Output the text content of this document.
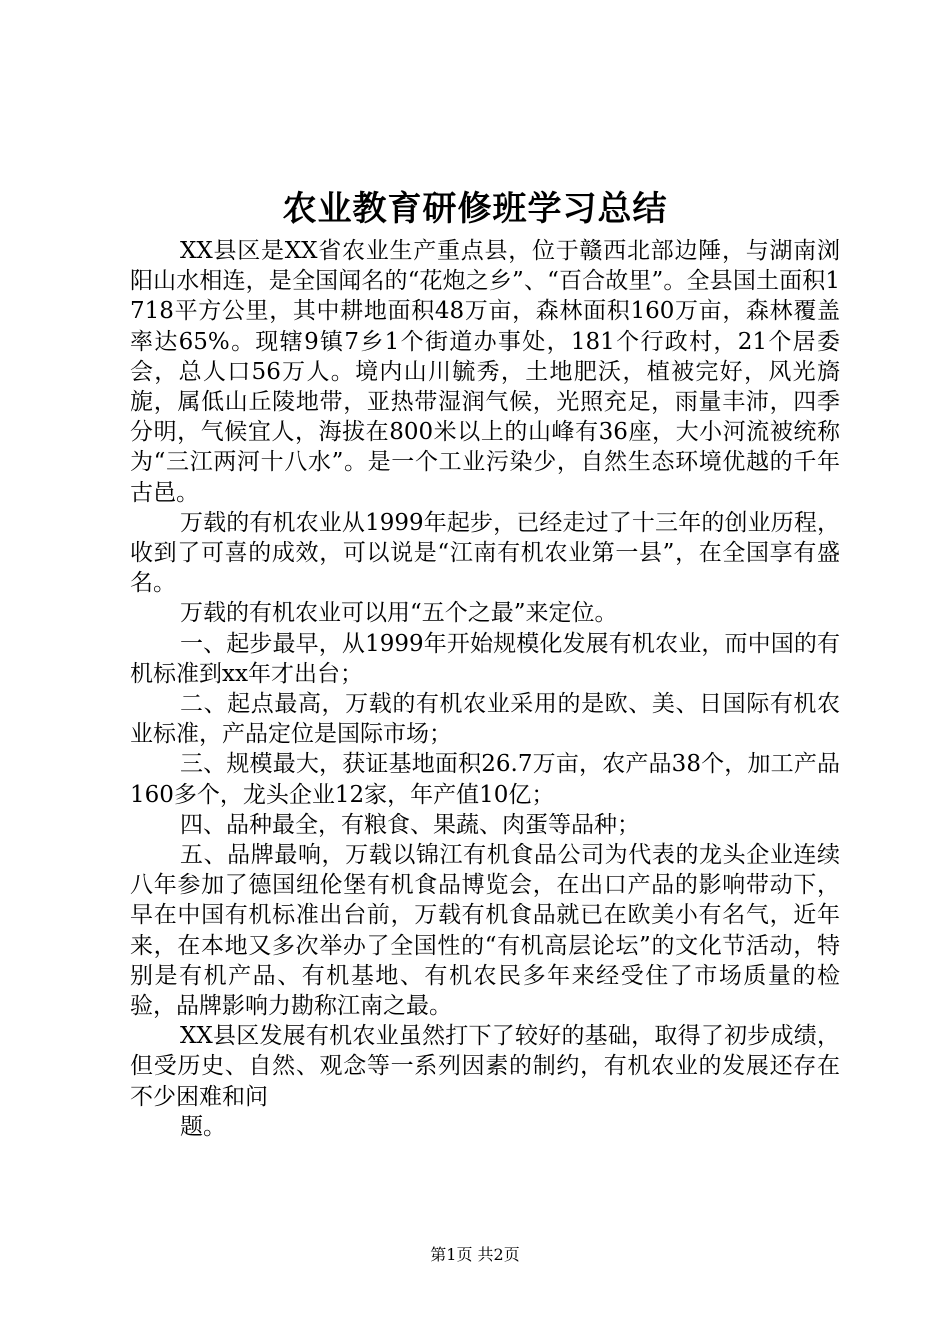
农业教育研修班学习总结

XX县区是XX省农业生产重点县，位于赣西北部边陲，与湖南浏阳山水相连，是全国闻名的“花炮之乡”、“百合故里”。全县国土面积1718平方公里，其中耕地面积48万亩，森林面积160万亩，森林覆盖率达65%。现辖9镇7乡1个街道办事处，181个行政村，21个居委会，总人口56万人。境内山川毓秀，土地肥沃，植被完好，风光旖旎，属低山丘陵地带，亚热带湿润气候，光照充足，雨量丰沛，四季分明，气候宜人，海拔在800米以上的山峰有36座，大小河流被统称为“三江两河十八水”。是一个工业污染少，自然生态环境优越的千年古邑。

万载的有机农业从1999年起步，已经走过了十三年的创业历程，收到了可喜的成效，可以说是“江南有机农业第一县”，在全国享有盛名。

万载的有机农业可以用“五个之最”来定位。

一、起步最早，从1999年开始规模化发展有机农业，而中国的有机标准到xx年才出台；

二、起点最高，万载的有机农业采用的是欧、美、日国际有机农业标准，产品定位是国际市场；

三、规模最大，获证基地面积26.7万亩，农产品38个，加工产品160多个，龙头企业12家，年产值10亿；

四、品种最全，有粮食、果蔬、肉蛋等品种；

五、品牌最响，万载以锦江有机食品公司为代表的龙头企业连续八年参加了德国纽伦堡有机食品博览会，在出口产品的影响带动下，早在中国有机标准出台前，万载有机食品就已在欧美小有名气，近年来，在本地又多次举办了全国性的“有机高层论坛”的文化节活动，特别是有机产品、有机基地、有机农民多年来经受住了市场质量的检验，品牌影响力勘称江南之最。

XX县区发展有机农业虽然打下了较好的基础，取得了初步成绩，但受历史、自然、观念等一系列因素的制约，有机农业的发展还存在不少困难和问

题。

第1页 共2页
